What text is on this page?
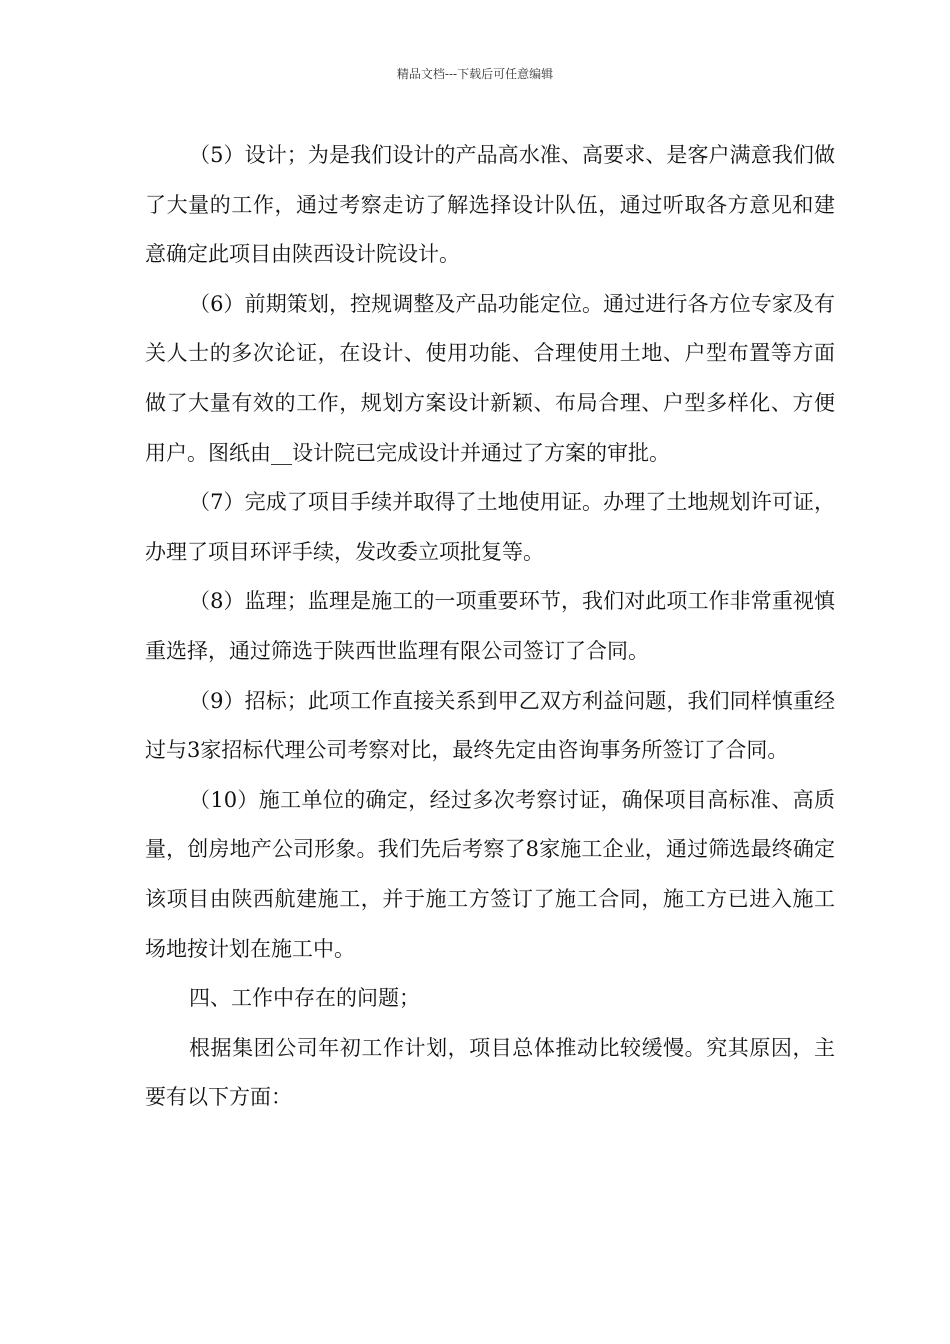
精品文档---下载后可任意编辑

（5）设计；为是我们设计的产品高水准、高要求、是客户满意我们做了大量的工作，通过考察走访了解选择设计队伍，通过听取各方意见和建意确定此项目由陕西设计院设计。

（6）前期策划，控规调整及产品功能定位。通过进行各方位专家及有关人士的多次论证，在设计、使用功能、合理使用土地、户型布置等方面做了大量有效的工作，规划方案设计新颖、布局合理、户型多样化、方便用户。图纸由__设计院已完成设计并通过了方案的审批。

（7）完成了项目手续并取得了土地使用证。办理了土地规划许可证，办理了项目环评手续，发改委立项批复等。

（8）监理；监理是施工的一项重要环节，我们对此项工作非常重视慎重选择，通过筛选于陕西世监理有限公司签订了合同。

（9）招标；此项工作直接关系到甲乙双方利益问题，我们同样慎重经过与3家招标代理公司考察对比，最终先定由咨询事务所签订了合同。

（10）施工单位的确定，经过多次考察讨证，确保项目高标准、高质量，创房地产公司形象。我们先后考察了8家施工企业，通过筛选最终确定该项目由陕西航建施工，并于施工方签订了施工合同，施工方已进入施工场地按计划在施工中。

四、工作中存在的问题；

根据集团公司年初工作计划，项目总体推动比较缓慢。究其原因，主要有以下方面：
